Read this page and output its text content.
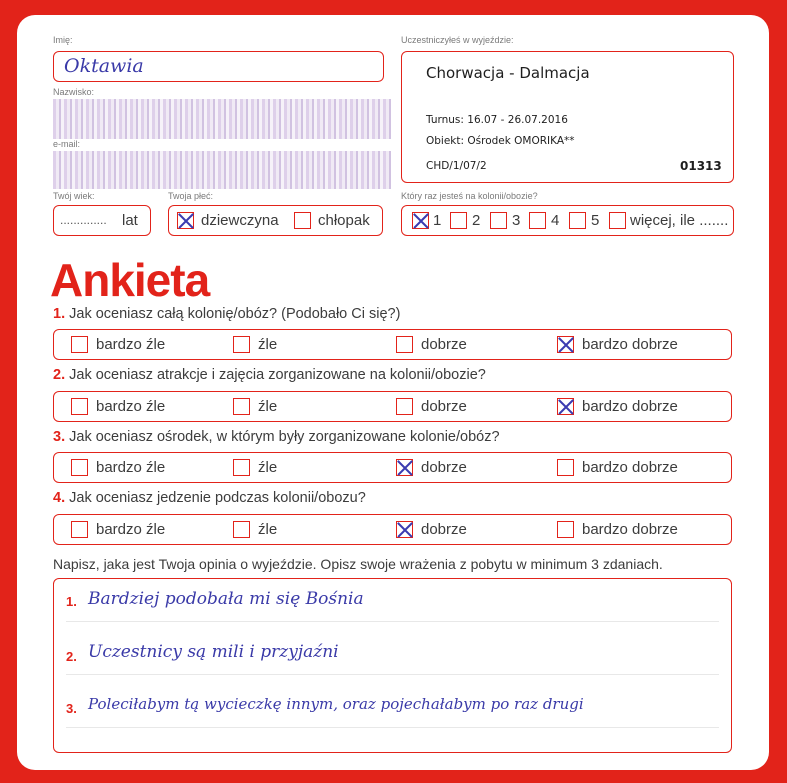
Imię:
Oktawia
Nazwisko:
e-mail:
Twój wiek:
.............. lat
Twoja płeć:
dziewczyna	chłopak
Uczestniczyłeś w wyjeździe:
Chorwacja - Dalmacja
Turnus: 16.07 - 26.07.2016
Obiekt: Ośrodek OMORIKA**
CHD/1/07/2	01313
Który raz jesteś na kolonii/obozie?
1 2 3 4 5 więcej, ile .......
Ankieta
1. Jak oceniasz całą kolonię/obóz? (Podobało Ci się?)
bardzo źle	źle	dobrze	bardzo dobrze
2. Jak oceniasz atrakcje i zajęcia zorganizowane na kolonii/obozie?
bardzo źle	źle	dobrze	bardzo dobrze
3. Jak oceniasz ośrodek, w którym były zorganizowane kolonie/obóz?
bardzo źle	źle	dobrze	bardzo dobrze
4. Jak oceniasz jedzenie podczas kolonii/obozu?
bardzo źle	źle	dobrze	bardzo dobrze
Napisz, jaka jest Twoja opinia o wyjeździe. Opisz swoje wrażenia z pobytu w minimum 3 zdaniach.
1. Bardziej podobała mi się Bośnia
2. Uczestnicy są mili i przyjaźni
3. Poleciłabym tą wycieczkę innym, oraz pojechałabym po raz drugi
